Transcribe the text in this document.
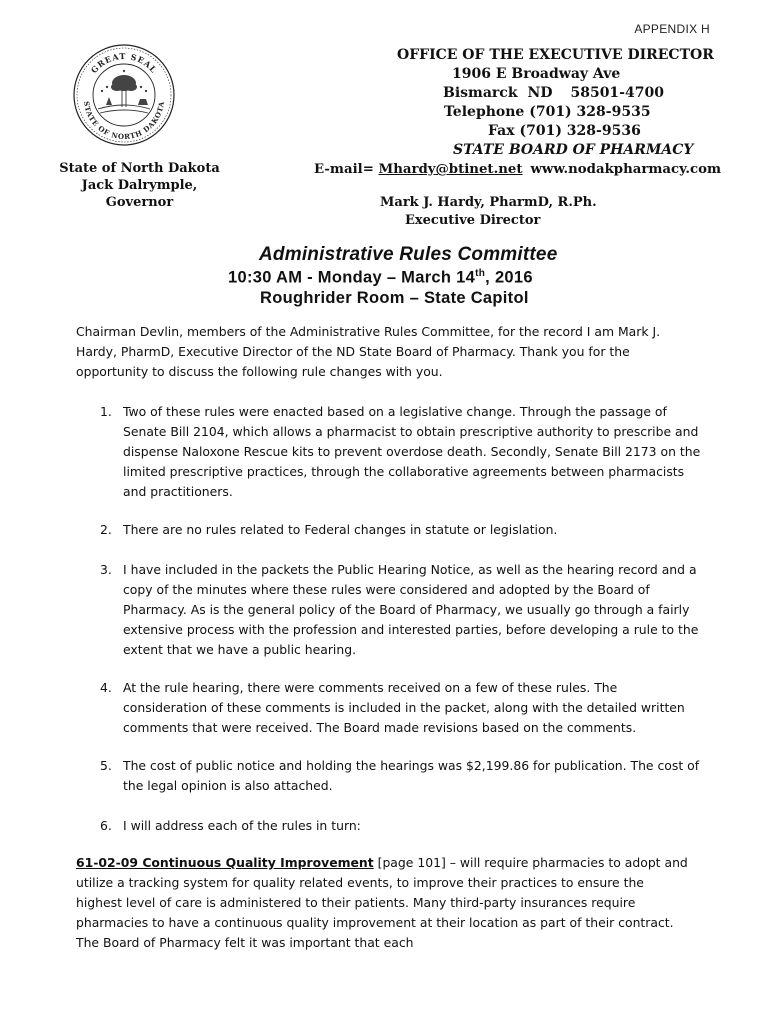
APPENDIX H
GREAT SEAL
STATE OF NORTH DAKOTA
State of North Dakota
Jack Dalrymple, Governor
OFFICE OF THE EXECUTIVE DIRECTOR
1906 E Broadway Ave
Bismarck ND 58501-4700
Telephone (701) 328-9535
Fax (701) 328-9536
STATE BOARD OF PHARMACY
E-mail= Mhardy@btinet.net www.nodakpharmacy.com
Mark J. Hardy, PharmD, R.Ph.
Executive Director
Administrative Rules Committee
10:30 AM - Monday – March 14th, 2016
Roughrider Room – State Capitol
Chairman Devlin, members of the Administrative Rules Committee, for the record I am Mark J.
Hardy, PharmD, Executive Director of the ND State Board of Pharmacy. Thank you for the
opportunity to discuss the following rule changes with you.
1. Two of these rules were enacted based on a legislative change. Through the passage of
Senate Bill 2104, which allows a pharmacist to obtain prescriptive authority to prescribe and
dispense Naloxone Rescue kits to prevent overdose death. Secondly, Senate Bill 2173 on the
limited prescriptive practices, through the collaborative agreements between pharmacists
and practitioners.
2. There are no rules related to Federal changes in statute or legislation.
3. I have included in the packets the Public Hearing Notice, as well as the hearing record and a
copy of the minutes where these rules were considered and adopted by the Board of
Pharmacy. As is the general policy of the Board of Pharmacy, we usually go through a fairly
extensive process with the profession and interested parties, before developing a rule to the
extent that we have a public hearing.
4. At the rule hearing, there were comments received on a few of these rules. The
consideration of these comments is included in the packet, along with the detailed written
comments that were received. The Board made revisions based on the comments.
5. The cost of public notice and holding the hearings was $2,199.86 for publication. The cost of
the legal opinion is also attached.
6. I will address each of the rules in turn:
61-02-09 Continuous Quality Improvement [page 101] – will require pharmacies to adopt and
utilize a tracking system for quality related events, to improve their practices to ensure the
highest level of care is administered to their patients. Many third-party insurances require
pharmacies to have a continuous quality improvement at their location as part of their contract.
The Board of Pharmacy felt it was important that each
